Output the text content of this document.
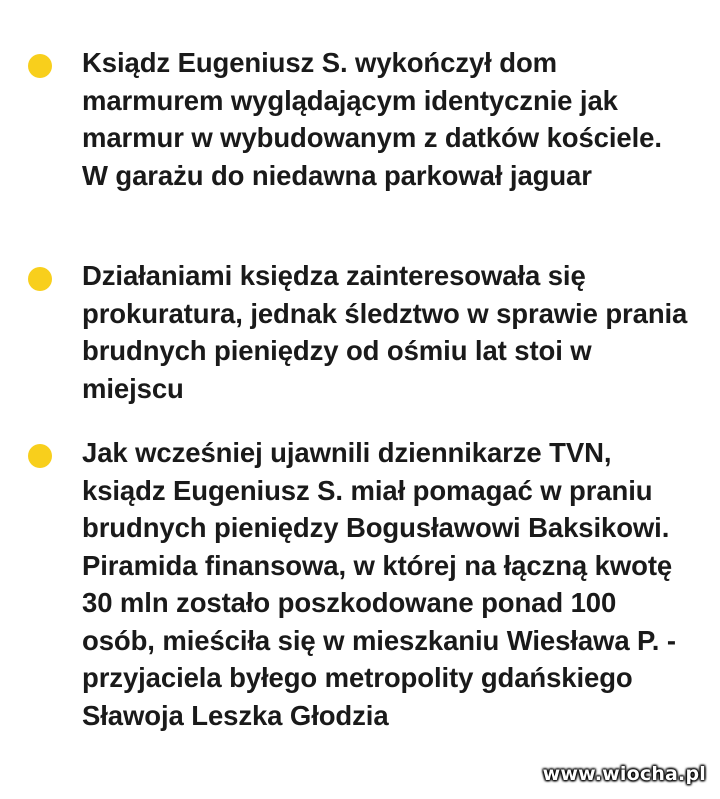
Ksiądz Eugeniusz S. wykończył dom marmurem wyglądającym identycznie jak marmur w wybudowanym z datków kościele. W garażu do niedawna parkował jaguar

Działaniami księdza zainteresowała się prokuratura, jednak śledztwo w sprawie prania brudnych pieniędzy od ośmiu lat stoi w miejscu

Jak wcześniej ujawnili dziennikarze TVN, ksiądz Eugeniusz S. miał pomagać w praniu brudnych pieniędzy Bogusławowi Baksikowi. Piramida finansowa, w której na łączną kwotę 30 mln zostało poszkodowane ponad 100 osób, mieściła się w mieszkaniu Wiesława P. - przyjaciela byłego metropolity gdańskiego Sławoja Leszka Głodzia

www.wiocha.pl
